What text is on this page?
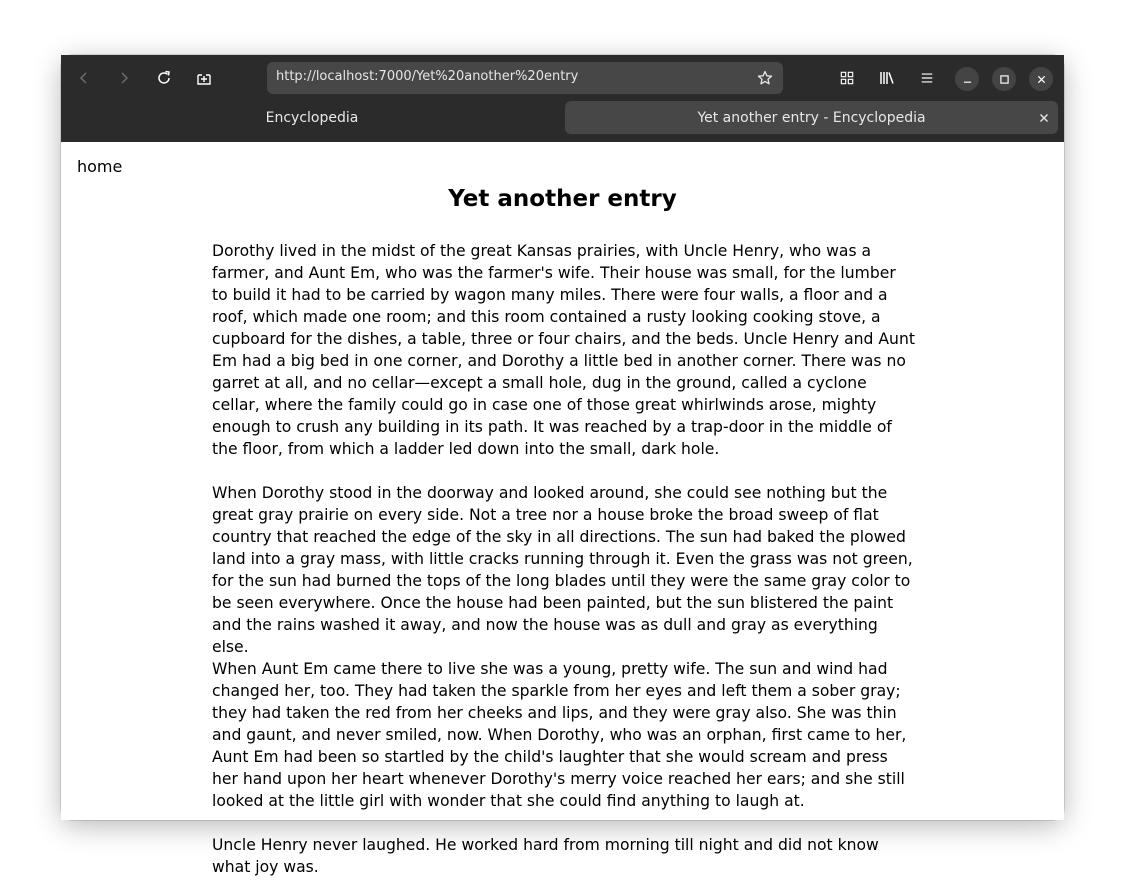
http://localhost:7000/Yet%20another%20entry
Encyclopedia	Yet another entry - Encyclopedia
home
Yet another entry

Dorothy lived in the midst of the great Kansas prairies, with Uncle Henry, who was a farmer, and Aunt Em, who was the farmer's wife. Their house was small, for the lumber to build it had to be carried by wagon many miles. There were four walls, a floor and a roof, which made one room; and this room contained a rusty looking cooking stove, a cupboard for the dishes, a table, three or four chairs, and the beds. Uncle Henry and Aunt Em had a big bed in one corner, and Dorothy a little bed in another corner. There was no garret at all, and no cellar—except a small hole, dug in the ground, called a cyclone cellar, where the family could go in case one of those great whirlwinds arose, mighty enough to crush any building in its path. It was reached by a trap-door in the middle of the floor, from which a ladder led down into the small, dark hole.

When Dorothy stood in the doorway and looked around, she could see nothing but the great gray prairie on every side. Not a tree nor a house broke the broad sweep of flat country that reached the edge of the sky in all directions. The sun had baked the plowed land into a gray mass, with little cracks running through it. Even the grass was not green, for the sun had burned the tops of the long blades until they were the same gray color to be seen everywhere. Once the house had been painted, but the sun blistered the paint and the rains washed it away, and now the house was as dull and gray as everything else.

When Aunt Em came there to live she was a young, pretty wife. The sun and wind had changed her, too. They had taken the sparkle from her eyes and left them a sober gray; they had taken the red from her cheeks and lips, and they were gray also. She was thin and gaunt, and never smiled, now. When Dorothy, who was an orphan, first came to her, Aunt Em had been so startled by the child's laughter that she would scream and press her hand upon her heart whenever Dorothy's merry voice reached her ears; and she still looked at the little girl with wonder that she could find anything to laugh at.

Uncle Henry never laughed. He worked hard from morning till night and did not know what joy was.
